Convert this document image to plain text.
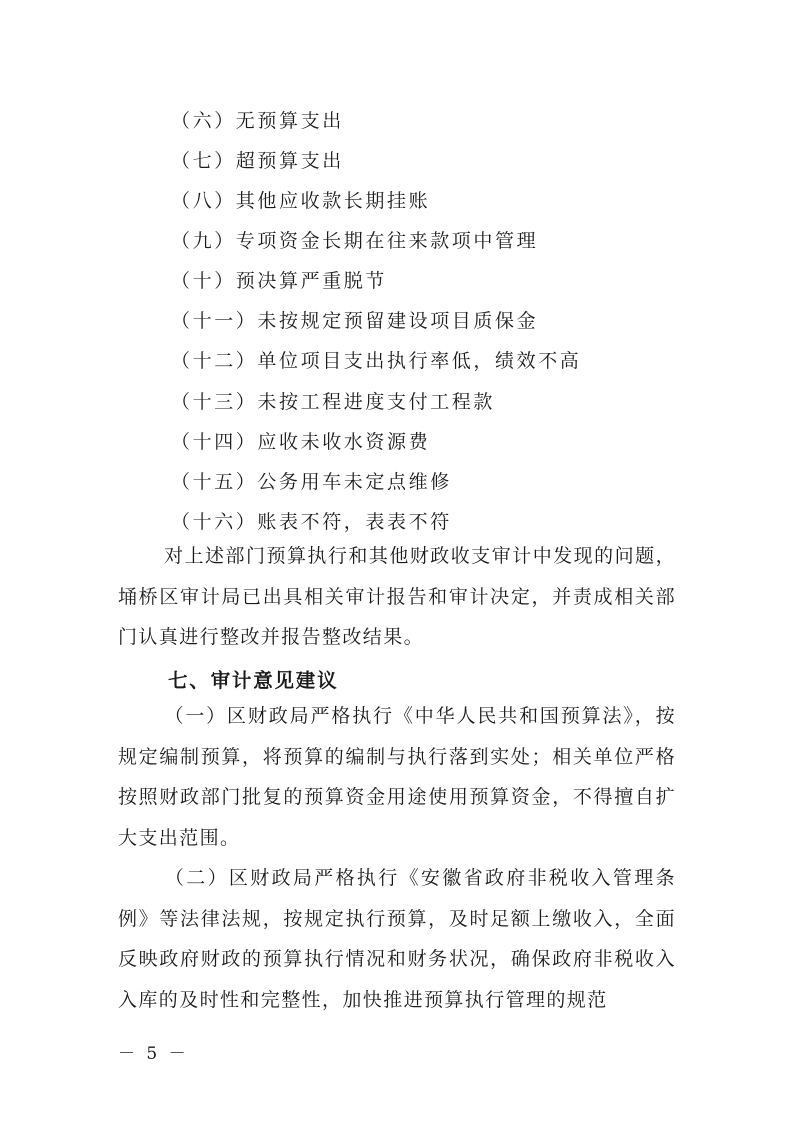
（六）无预算支出
（七）超预算支出
（八）其他应收款长期挂账
（九）专项资金长期在往来款项中管理
（十）预决算严重脱节
（十一）未按规定预留建设项目质保金
（十二）单位项目支出执行率低，绩效不高
（十三）未按工程进度支付工程款
（十四）应收未收水资源费
（十五）公务用车未定点维修
（十六）账表不符，表表不符
对上述部门预算执行和其他财政收支审计中发现的问题，埇桥区审计局已出具相关审计报告和审计决定，并责成相关部门认真进行整改并报告整改结果。
七、审计意见建议
（一）区财政局严格执行《中华人民共和国预算法》，按规定编制预算，将预算的编制与执行落到实处；相关单位严格按照财政部门批复的预算资金用途使用预算资金，不得擅自扩大支出范围。
（二）区财政局严格执行《安徽省政府非税收入管理条例》等法律法规，按规定执行预算，及时足额上缴收入，全面反映政府财政的预算执行情况和财务状况，确保政府非税收入入库的及时性和完整性，加快推进预算执行管理的规范
－ 5 －
